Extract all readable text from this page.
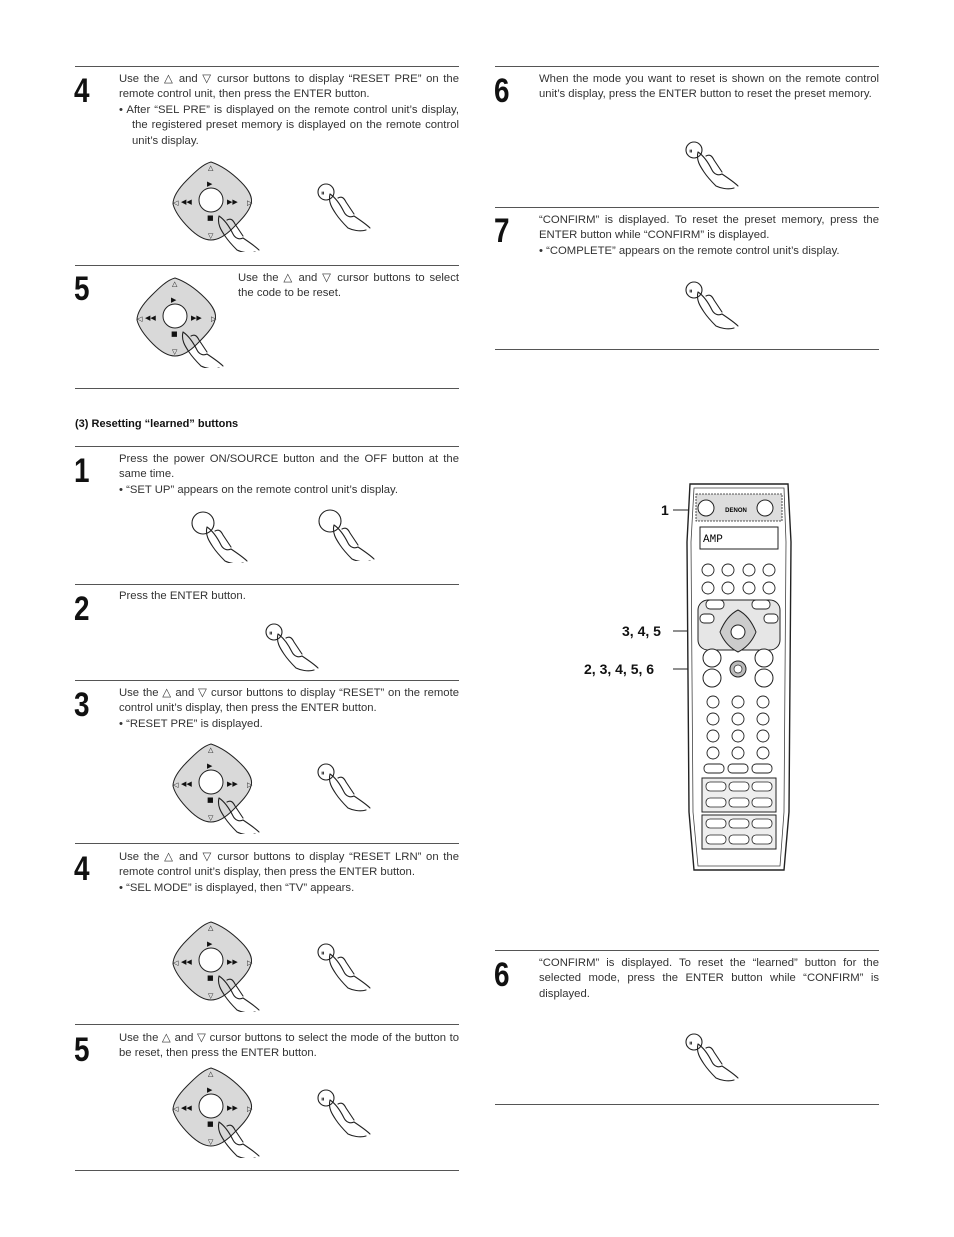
4	Use the △ and ▽ cursor buttons to display “RESET PRE” on the remote control unit, then press the ENTER button.

• After “SEL PRE” is displayed on the remote control unit’s display, the registered preset memory is displayed on the remote control unit’s display.

▶
■
◀◀	▶▶
△
▽
◁	▷
⏸
5	▶
■
◀◀	▶▶
△
▽
◁	▷

Use the △ and ▽ cursor buttons to select the code to be reset.

(3) Resetting “learned” buttons
1	Press the power ON/SOURCE button and the OFF button at the same time.

• “SET UP” appears on the remote control unit’s display.

2	Press the ENTER button.

⏸
3	Use the △ and ▽ cursor buttons to display “RESET” on the remote control unit’s display, then press the ENTER button.

• “RESET PRE” is displayed.

▶
■
◀◀	▶▶
△
▽
◁	▷
⏸
4	Use the △ and ▽ cursor buttons to display “RESET LRN” on the remote control unit’s display, then press the ENTER button.

• “SEL MODE” is displayed, then “TV” appears.

▶
■
◀◀	▶▶
△
▽
◁	▷
⏸
5	Use the △ and ▽ cursor buttons to select the mode of the button to be reset, then press the ENTER button.

▶
■
◀◀	▶▶
△
▽
◁	▷
⏸
6	When the mode you want to reset is shown on the remote control unit’s display, press the ENTER button to reset the preset memory.

⏸
7	“CONFIRM” is displayed. To reset the preset memory, press the ENTER button while “CONFIRM” is displayed.

• “COMPLETE” appears on the remote control unit’s display.

⏸
1
3, 4, 5
2, 3, 4, 5, 6
DENON
AMP
6	“CONFIRM” is displayed. To reset the “learned” button for the selected mode, press the ENTER button while “CONFIRM” is displayed.

⏸
